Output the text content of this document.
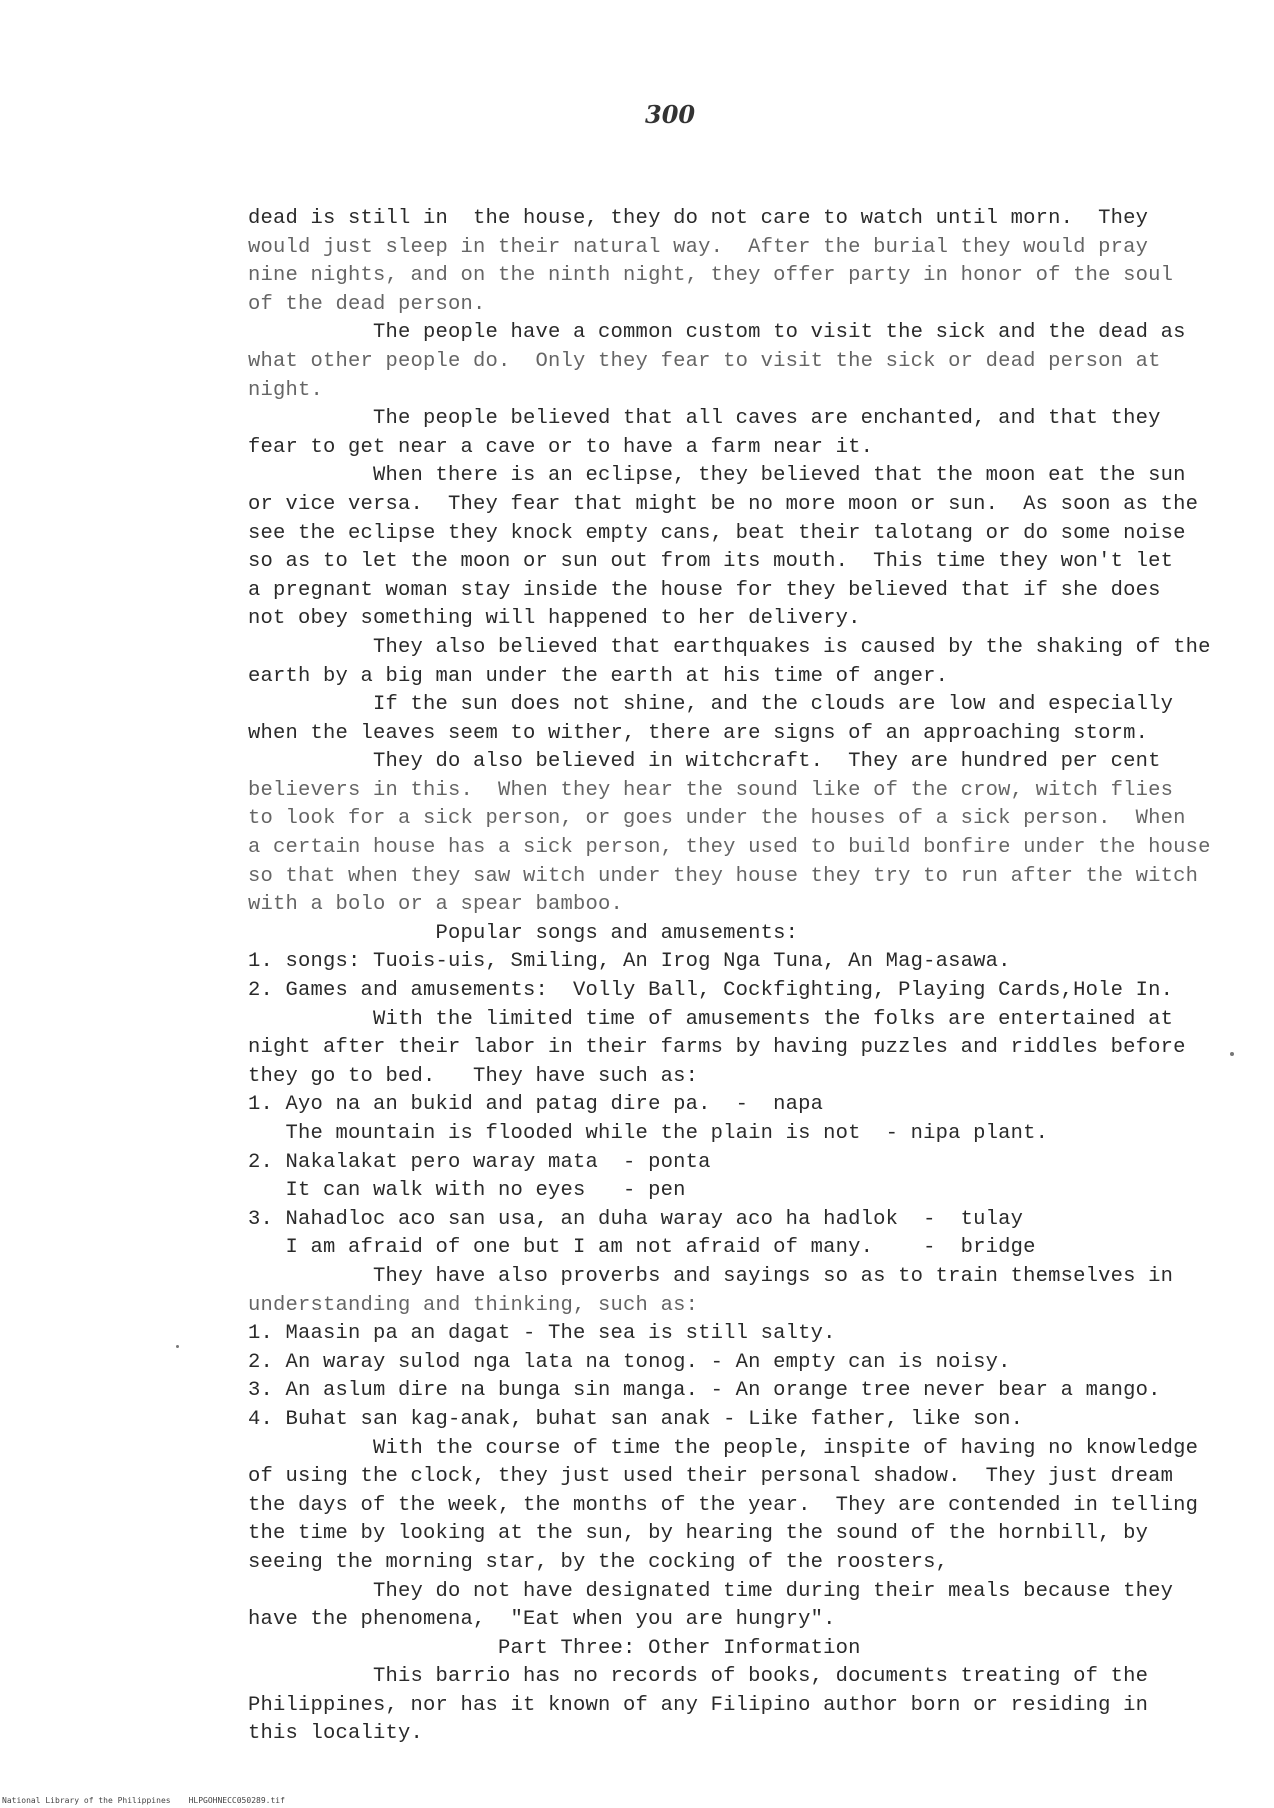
300
dead is still in  the house, they do not care to watch until morn.  They
would just sleep in their natural way.  After the burial they would pray
nine nights, and on the ninth night, they offer party in honor of the soul
of the dead person.
The people have a common custom to visit the sick and the dead as
what other people do.  Only they fear to visit the sick or dead person at
night.
The people believed that all caves are enchanted, and that they
fear to get near a cave or to have a farm near it.
When there is an eclipse, they believed that the moon eat the sun
or vice versa.  They fear that might be no more moon or sun.  As soon as the
see the eclipse they knock empty cans, beat their talotang or do some noise
so as to let the moon or sun out from its mouth.  This time they won't let
a pregnant woman stay inside the house for they believed that if she does
not obey something will happened to her delivery.
They also believed that earthquakes is caused by the shaking of the
earth by a big man under the earth at his time of anger.
If the sun does not shine, and the clouds are low and especially
when the leaves seem to wither, there are signs of an approaching storm.
They do also believed in witchcraft.  They are hundred per cent
believers in this.  When they hear the sound like of the crow, witch flies
to look for a sick person, or goes under the houses of a sick person.  When
a certain house has a sick person, they used to build bonfire under the house
so that when they saw witch under they house they try to run after the witch
with a bolo or a spear bamboo.
Popular songs and amusements:
1. songs: Tuois-uis, Smiling, An Irog Nga Tuna, An Mag-asawa.
2. Games and amusements:  Volly Ball, Cockfighting, Playing Cards,Hole In.
With the limited time of amusements the folks are entertained at
night after their labor in their farms by having puzzles and riddles before
they go to bed.   They have such as:
1. Ayo na an bukid and patag dire pa.  -  napa
The mountain is flooded while the plain is not  - nipa plant.
2. Nakalakat pero waray mata  - ponta
It can walk with no eyes   - pen
3. Nahadloc aco san usa, an duha waray aco ha hadlok  -  tulay
I am afraid of one but I am not afraid of many.    -  bridge
They have also proverbs and sayings so as to train themselves in
understanding and thinking, such as:
1. Maasin pa an dagat - The sea is still salty.
2. An waray sulod nga lata na tonog. - An empty can is noisy.
3. An aslum dire na bunga sin manga. - An orange tree never bear a mango.
4. Buhat san kag-anak, buhat san anak - Like father, like son.
With the course of time the people, inspite of having no knowledge
of using the clock, they just used their personal shadow.  They just dream
the days of the week, the months of the year.  They are contended in telling
the time by looking at the sun, by hearing the sound of the hornbill, by
seeing the morning star, by the cocking of the roosters,
They do not have designated time during their meals because they
have the phenomena,  "Eat when you are hungry".
Part Three: Other Information
This barrio has no records of books, documents treating of the
Philippines, nor has it known of any Filipino author born or residing in
this locality.
National Library of the Philippines HLPGOHNECC050289.tif
